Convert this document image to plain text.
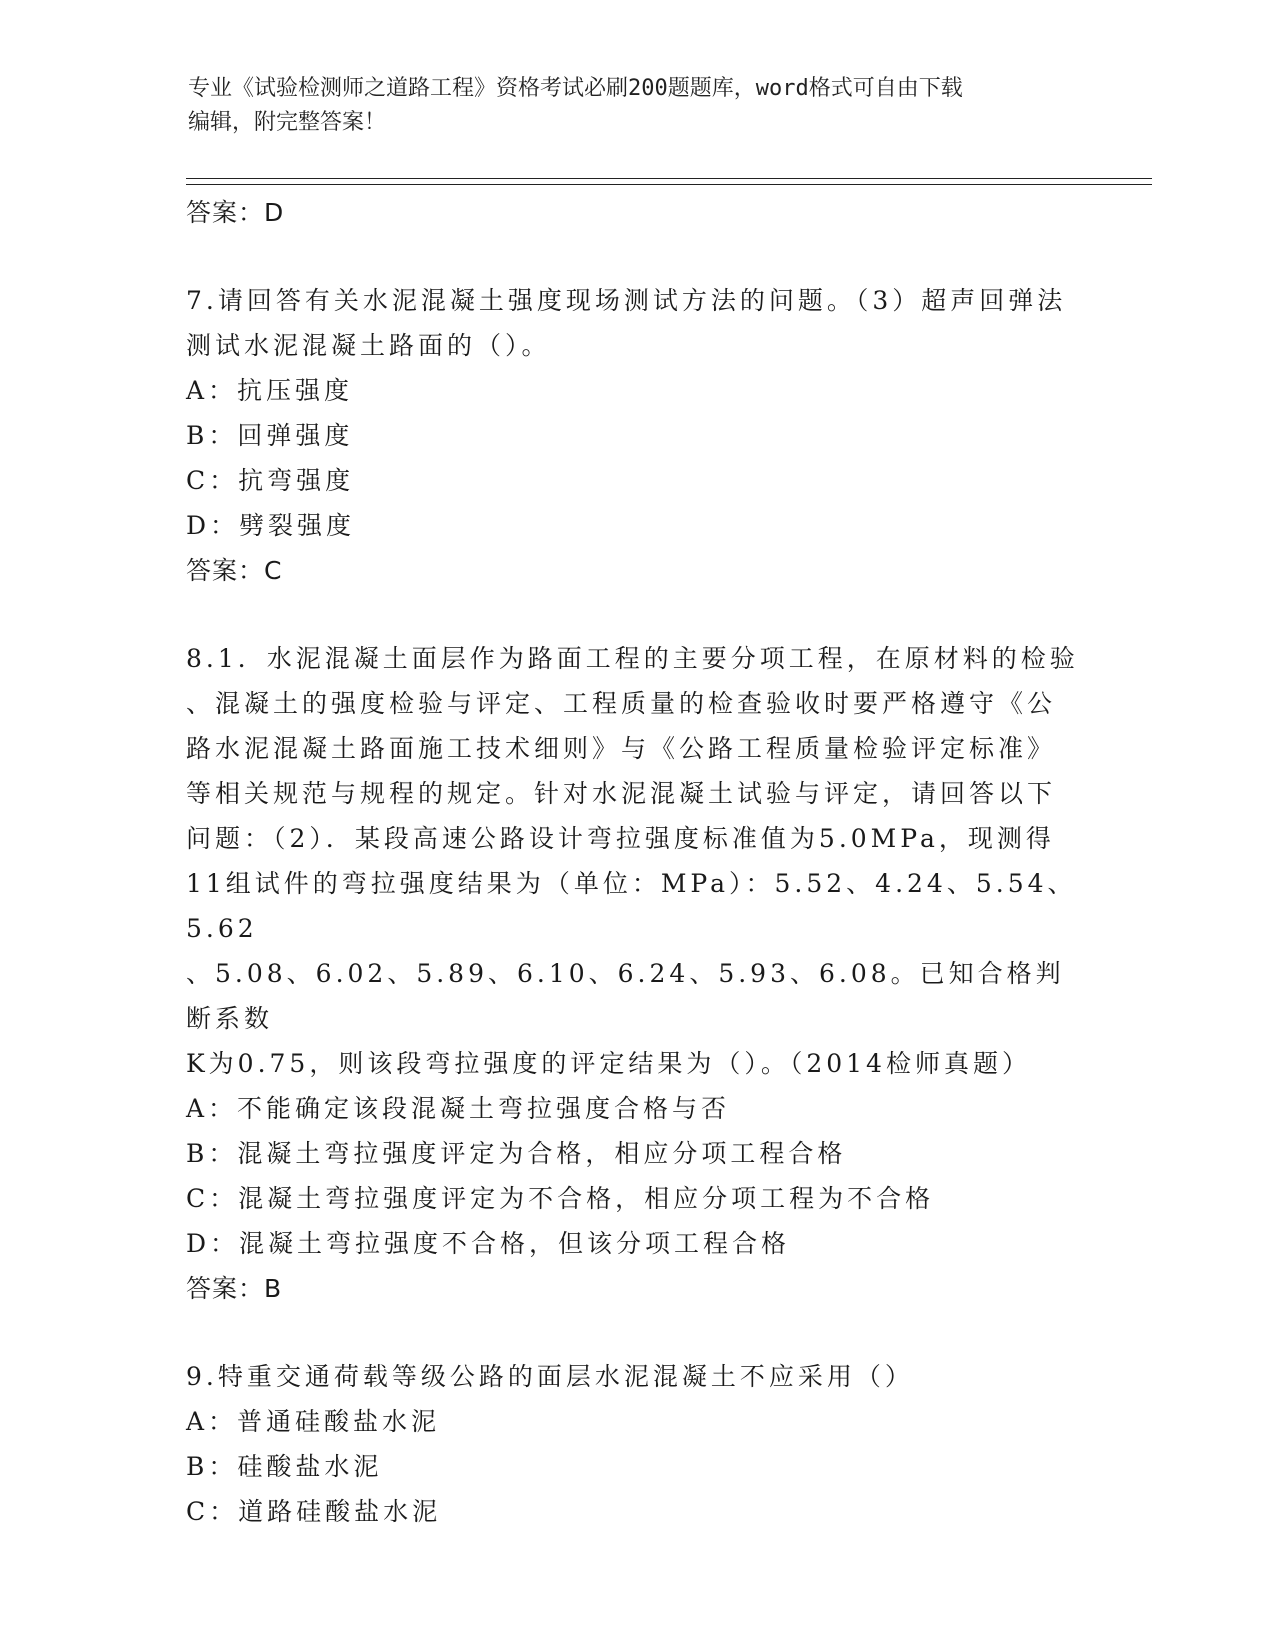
专业《试验检测师之道路工程》资格考试必刷200题题库，word格式可自由下载
编辑，附完整答案！
答案：D
7.请回答有关水泥混凝土强度现场测试方法的问题。（3）超声回弹法
测试水泥混凝土路面的（）。
A：抗压强度
B：回弹强度
C：抗弯强度
D：劈裂强度
答案：C
8.1．水泥混凝土面层作为路面工程的主要分项工程，在原材料的检验
、混凝土的强度检验与评定、工程质量的检查验收时要严格遵守《公
路水泥混凝土路面施工技术细则》与《公路工程质量检验评定标准》
等相关规范与规程的规定。针对水泥混凝土试验与评定，请回答以下
问题：（2）．某段高速公路设计弯拉强度标准值为5.0MPa，现测得
11组试件的弯拉强度结果为（单位：MPa）：5.52、4.24、5.54、5.62
、5.08、6.02、5.89、6.10、6.24、5.93、6.08。已知合格判断系数
K为0.75，则该段弯拉强度的评定结果为（）。（2014检师真题）
A：不能确定该段混凝土弯拉强度合格与否
B：混凝土弯拉强度评定为合格，相应分项工程合格
C：混凝土弯拉强度评定为不合格，相应分项工程为不合格
D：混凝土弯拉强度不合格，但该分项工程合格
答案：B
9.特重交通荷载等级公路的面层水泥混凝土不应采用（）
A：普通硅酸盐水泥
B：硅酸盐水泥
C：道路硅酸盐水泥
